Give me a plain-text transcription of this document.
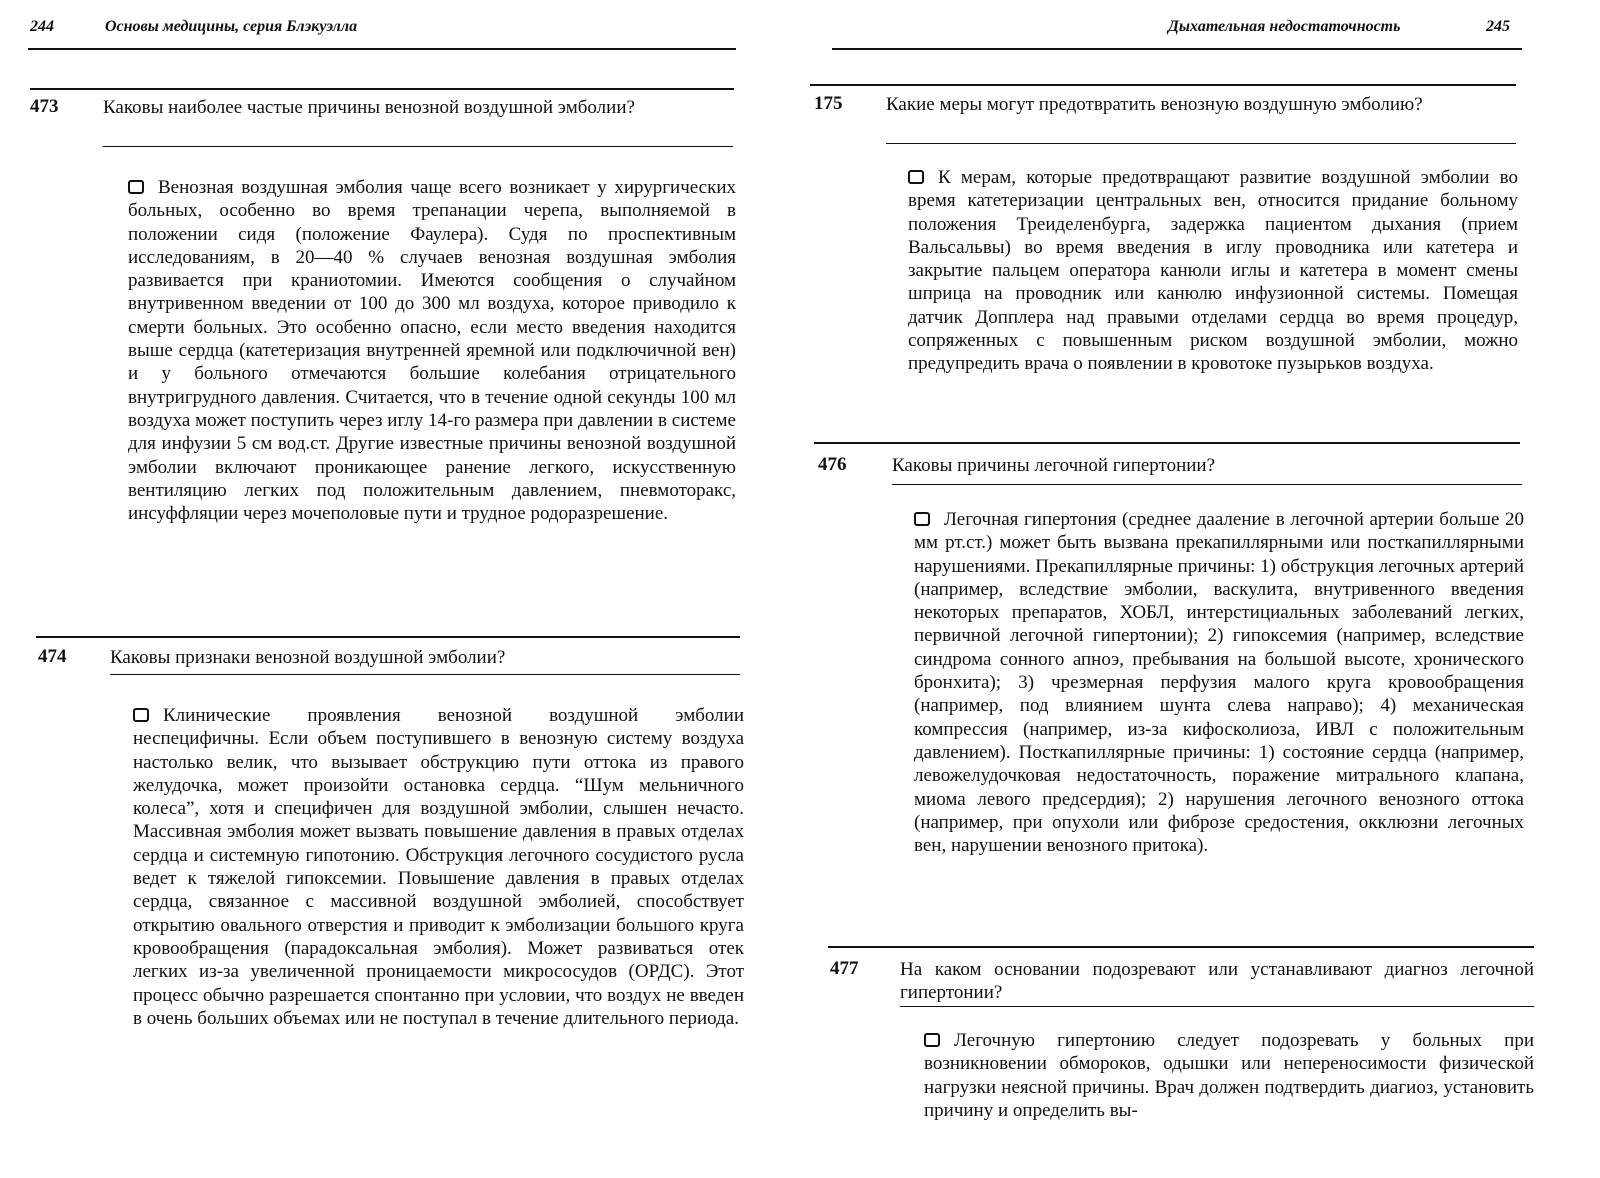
244	Основы медицины, серия Блэкуэлла
473 Каковы наиболее частые причины венозной воздушной эмболии?
Венозная воздушная эмболия чаще всего возникает у хирургических больных, особенно во время трепанации черепа, выполняемой в положении сидя (положение Фаулера). Судя по проспективным исследованиям, в 20—40 % случаев венозная воздушная эмболия развивается при краниотомии. Имеются сообщения о случайном внутривенном введении от 100 до 300 мл воздуха, которое приводило к смерти больных. Это особенно опасно, если место введения находится выше сердца (катетеризация внутренней яремной или подключичной вен) и у больного отмечаются большие колебания отрицательного внутригрудного давления. Считается, что в течение одной секунды 100 мл воздуха может поступить через иглу 14-го размера при давлении в системе для инфузии 5 см вод.ст. Другие известные причины венозной воздушной эмболии включают проникающее ранение легкого, искусственную вентиляцию легких под положительным давлением, пневмоторакс, инсуффляции через мочеполовые пути и трудное родоразрешение.
474 Каковы признаки венозной воздушной эмболии?
Клинические проявления венозной воздушной эмболии неспецифичны. Если объем поступившего в венозную систему воздуха настолько велик, что вызывает обструкцию пути оттока из правого желудочка, может произойти остановка сердца. “Шум мельничного колеса”, хотя и специфичен для воздушной эмболии, слышен нечасто. Массивная эмболия может вызвать повышение давления в правых отделах сердца и системную гипотонию. Обструкция легочного сосудистого русла ведет к тяжелой гипоксемии. Повышение давления в правых отделах сердца, связанное с массивной воздушной эмболией, способствует открытию овального отверстия и приводит к эмболизации большого круга кровообращения (парадоксальная эмболия). Может развиваться отек легких из-за увеличенной проницаемости микрососудов (ОРДС). Этот процесс обычно разрешается спонтанно при условии, что воздух не введен в очень больших объемах или не поступал в течение длительного периода.
Дыхательная недостаточность	245
175 Какие меры могут предотвратить венозную воздушную эмболию?
К мерам, которые предотвращают развитие воздушной эмболии во время катетеризации центральных вен, относится придание больному положения Треиделенбурга, задержка пациентом дыхания (прием Вальсальвы) во время введения в иглу проводника или катетера и закрытие пальцем оператора канюли иглы и катетера в момент смены шприца на проводник или канюлю инфузионной системы. Помещая датчик Допплера над правыми отделами сердца во время процедур, сопряженных с повышенным риском воздушной эмболии, можно предупредить врача о появлении в кровотоке пузырьков воздуха.
476 Каковы причины легочной гипертонии?
Легочная гипертония (среднее дааление в легочной артерии больше 20 мм рт.ст.) может быть вызвана прекапиллярными или посткапиллярными нарушениями. Прекапиллярные причины: 1) обструкция легочных артерий (например, вследствие эмболии, васкулита, внутривенного введения некоторых препаратов, ХОБЛ, интерстициальных заболеваний легких, первичной легочной гипертонии); 2) гипоксемия (например, вследствие синдрома сонного апноэ, пребывания на большой высоте, хронического бронхита); 3) чрезмерная перфузия малого круга кровообращения (например, под влиянием шунта слева направо); 4) механическая компрессия (например, из-за кифосколиоза, ИВЛ с положительным давлением). Посткапиллярные причины: 1) состояние сердца (например, левожелудочковая недостаточность, поражение митрального клапана, миома левого предсердия); 2) нарушения легочного венозного оттока (например, при опухоли или фиброзе средостения, окклюзни легочных вен, нарушении венозного притока).
477 На каком основании подозревают или устанавливают диагноз легочной гипертонии?
Легочную гипертонию следует подозревать у больных при возникновении обмороков, одышки или непереносимости физической нагрузки неясной причины. Врач должен подтвердить диагиоз, установить причину и определить вы-
